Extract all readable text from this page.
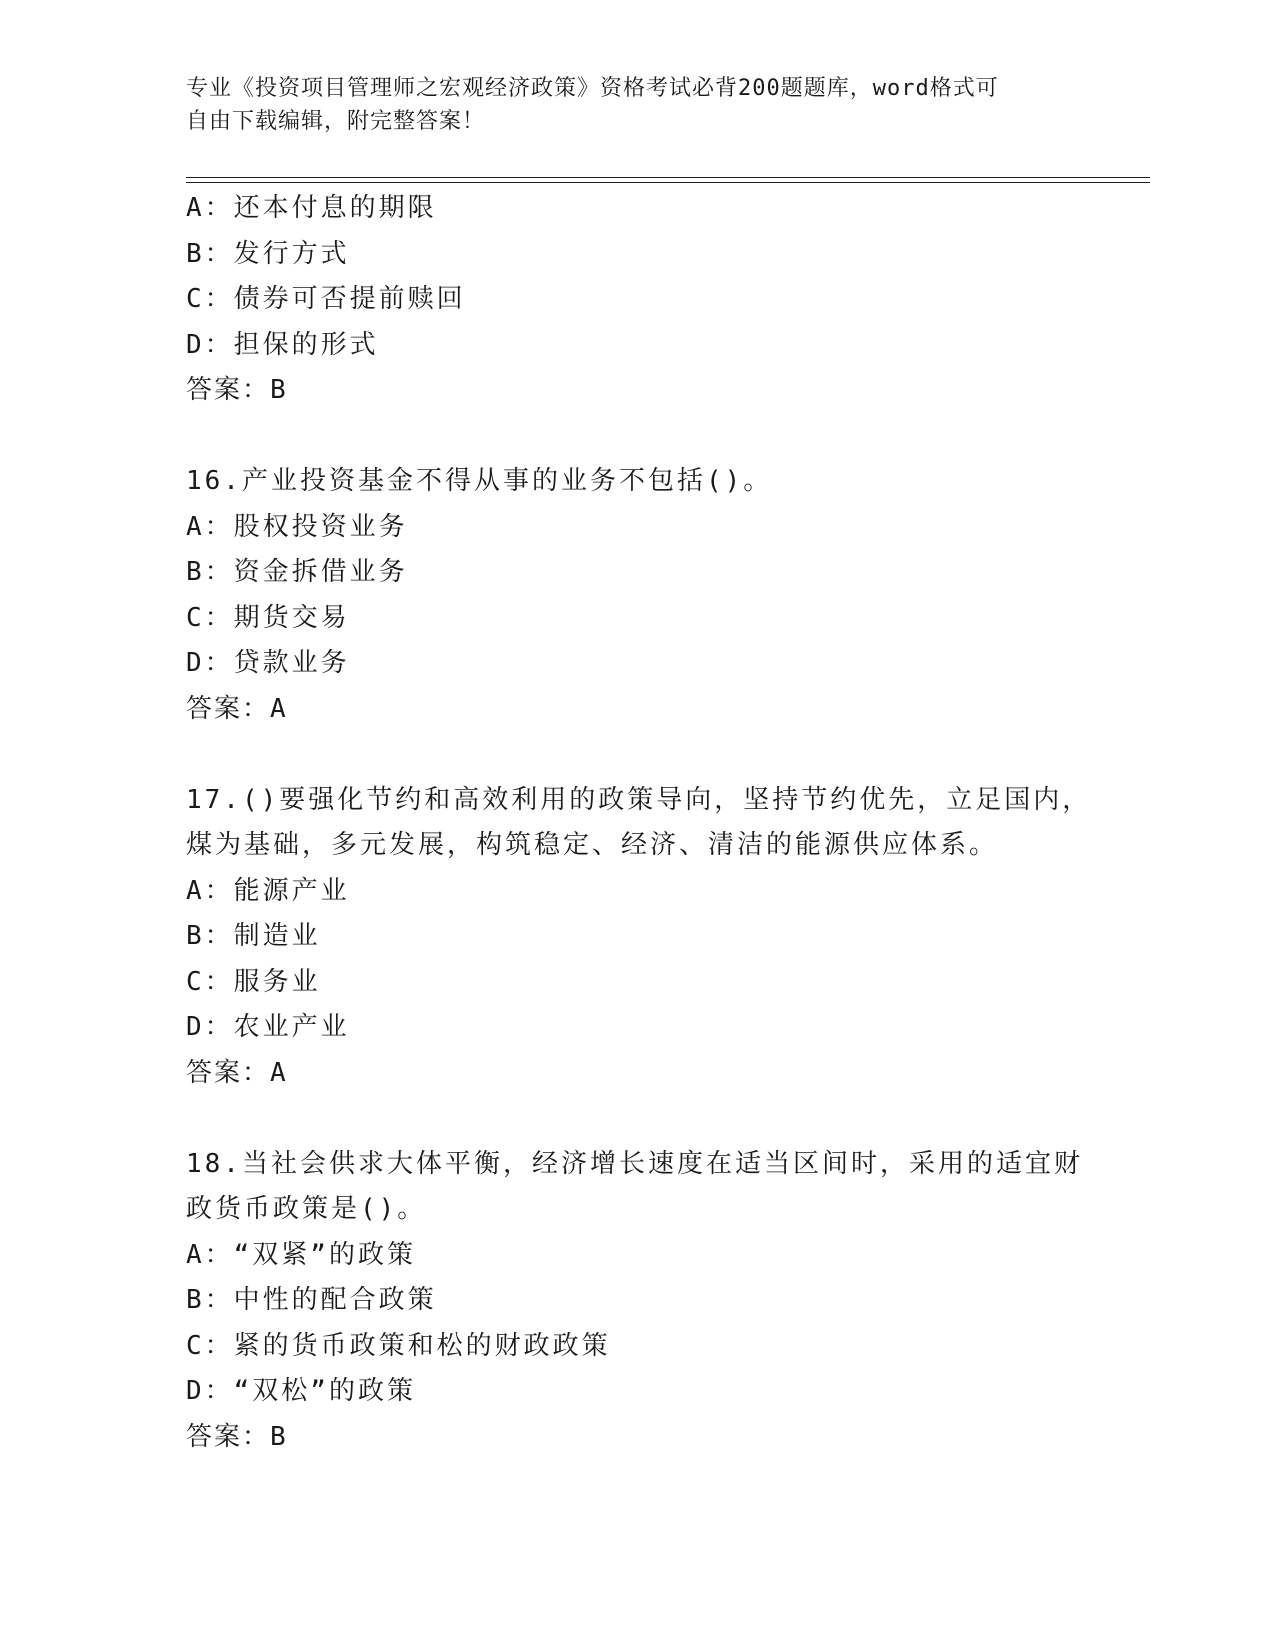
专业《投资项目管理师之宏观经济政策》资格考试必背200题题库，word格式可
自由下载编辑，附完整答案！
A：还本付息的期限
B：发行方式
C：债券可否提前赎回
D：担保的形式
答案：B
16.产业投资基金不得从事的业务不包括()。
A：股权投资业务
B：资金拆借业务
C：期货交易
D：贷款业务
答案：A
17.()要强化节约和高效利用的政策导向，坚持节约优先，立足国内，
煤为基础，多元发展，构筑稳定、经济、清洁的能源供应体系。
A：能源产业
B：制造业
C：服务业
D：农业产业
答案：A
18.当社会供求大体平衡，经济增长速度在适当区间时，采用的适宜财
政货币政策是()。
A：“双紧”的政策
B：中性的配合政策
C：紧的货币政策和松的财政政策
D：“双松”的政策
答案：B
